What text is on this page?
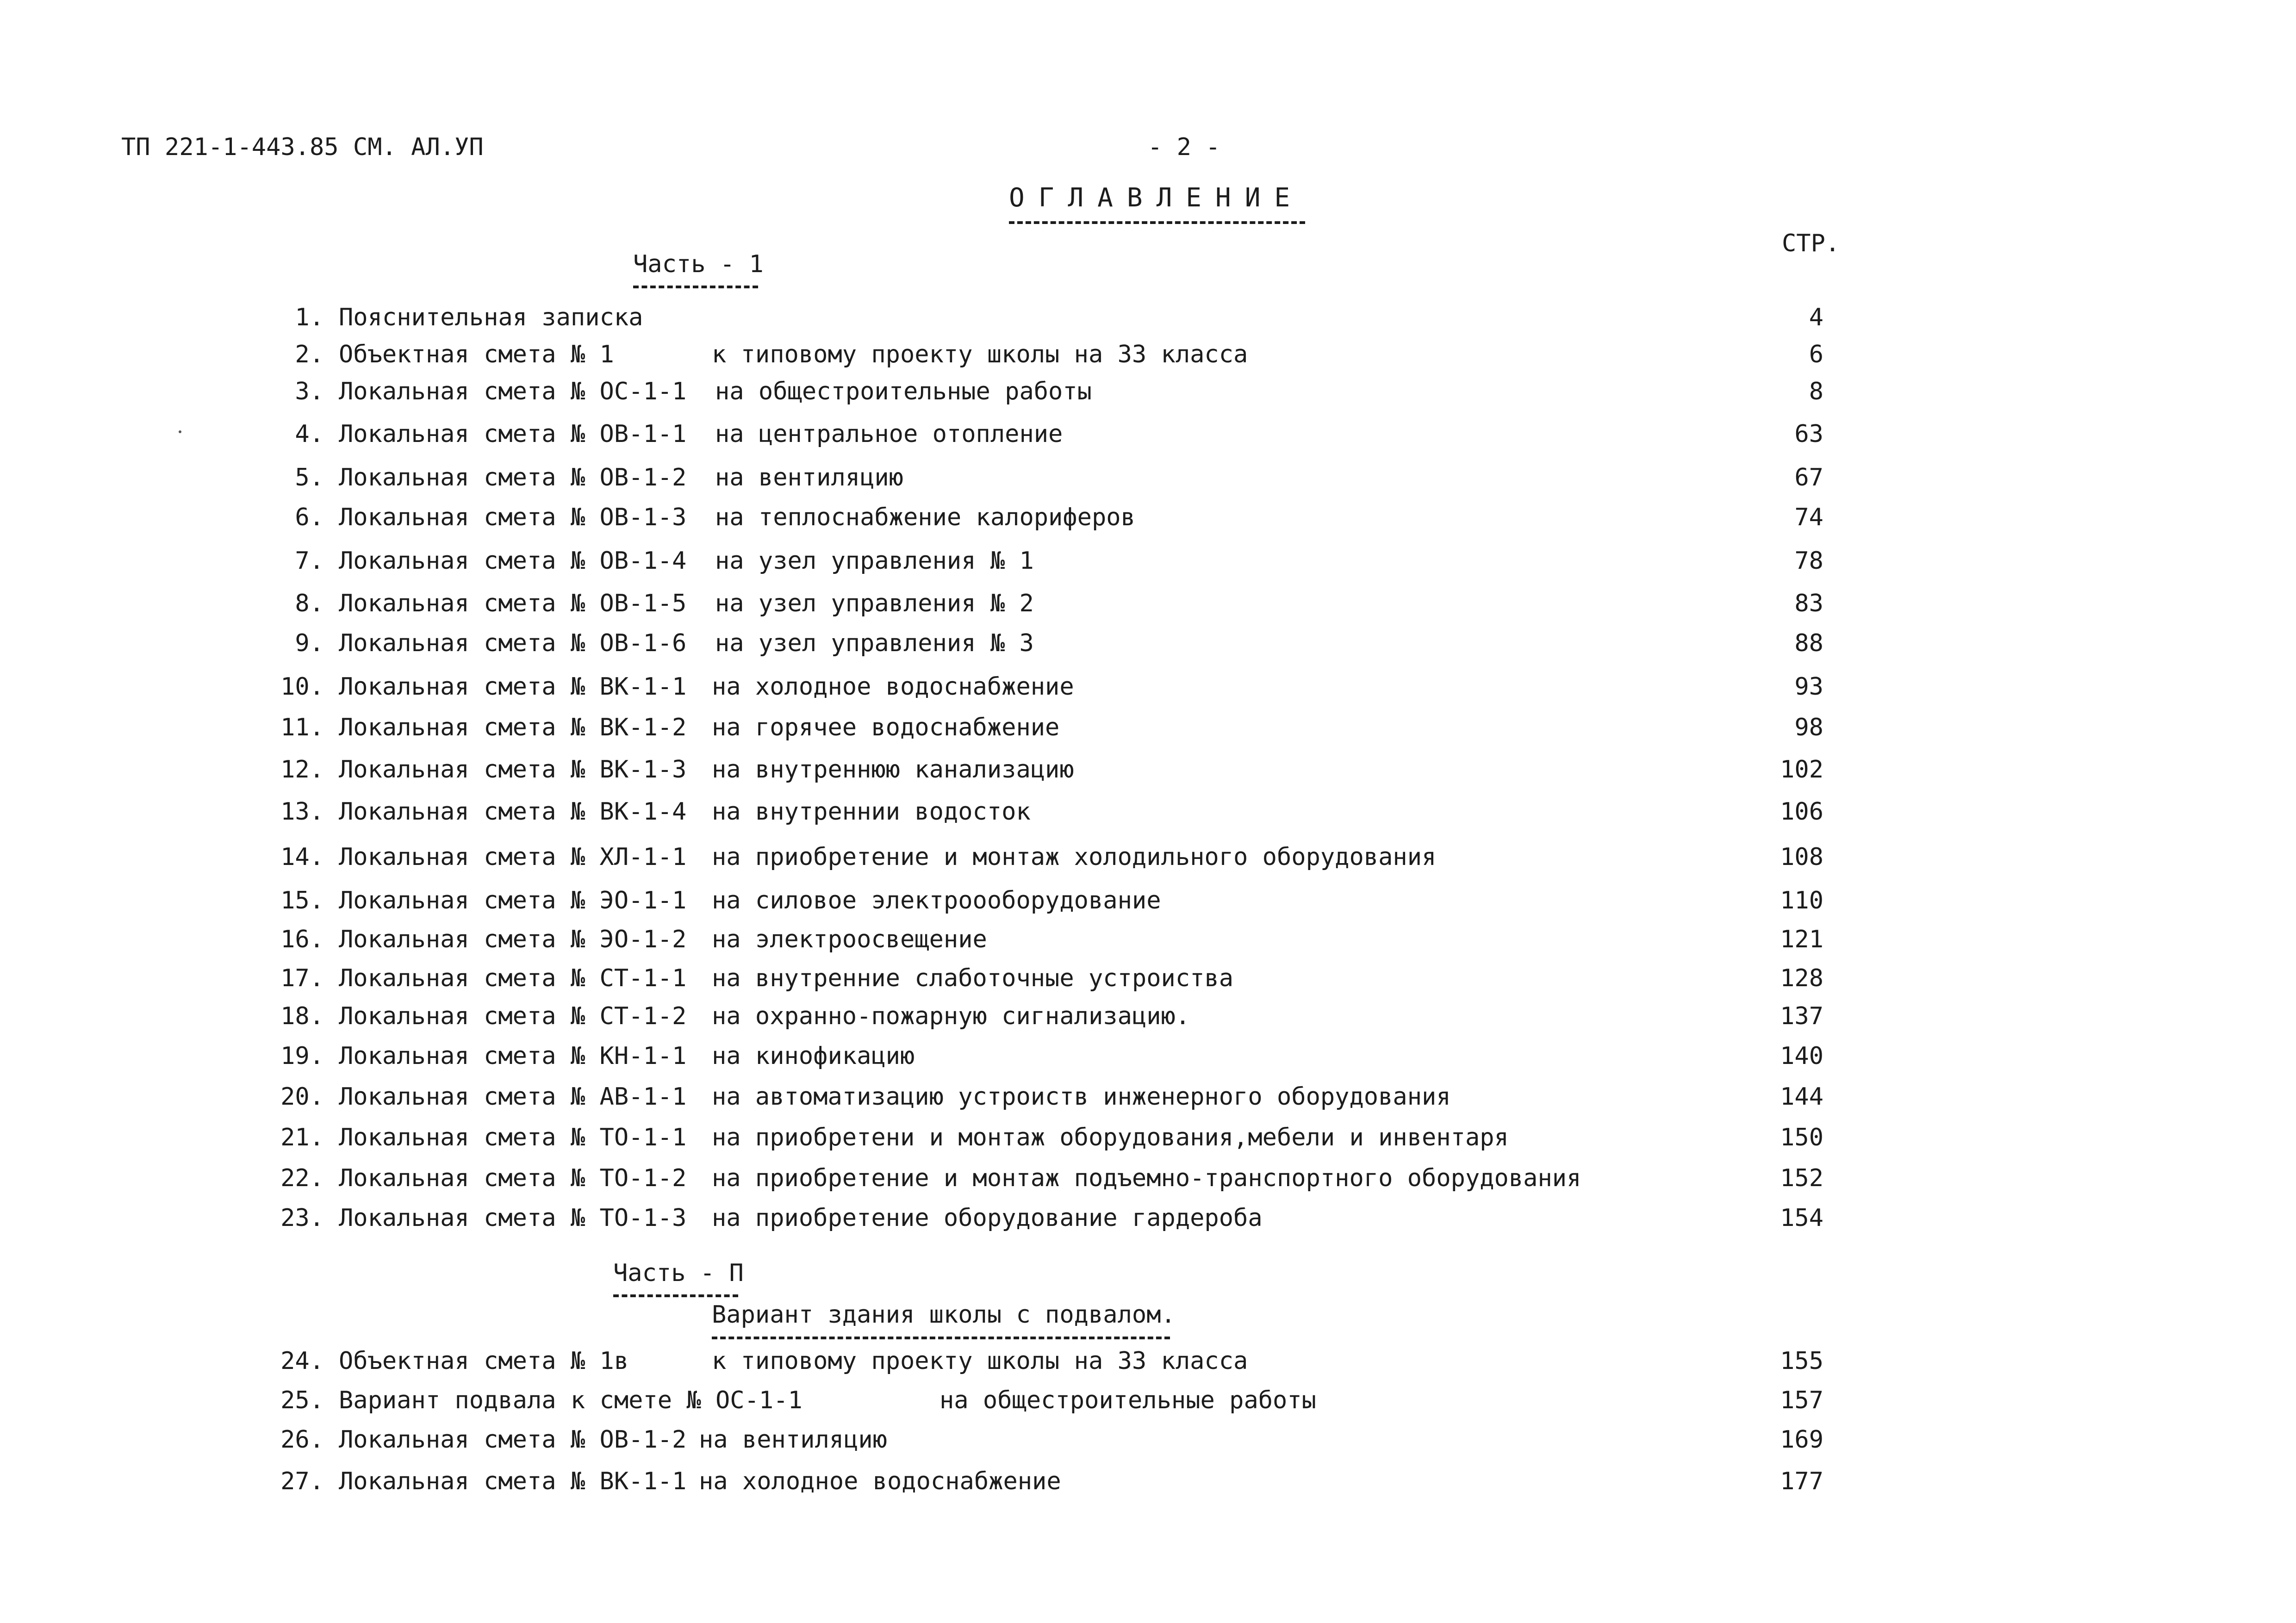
ТП 221-1-443.85 СМ. АЛ.УП	- 2 -
ОГЛАВЛЕНИЕ
СТР.
Часть - 1
1. Пояснительная записка	4
2. Объектная смета № 1	к типовому проекту школы на 33 класса	6
3. Локальная смета № ОС-1-1 на общестроительные работы	8
4. Локальная смета № ОВ-1-1 на центральное отопление	63
5. Локальная смета № ОВ-1-2 на вентиляцию	67
6. Локальная смета № ОВ-1-3 на теплоснабжение калориферов	74
7. Локальная смета № ОВ-1-4 на узел управления № 1	78
8. Локальная смета № ОВ-1-5 на узел управления № 2	83
9. Локальная смета № ОВ-1-6 на узел управления № 3	88
10. Локальная смета № ВК-1-1 на холодное водоснабжение	93
11. Локальная смета № ВК-1-2 на горячее водоснабжение	98
12. Локальная смета № ВК-1-3 на внутреннюю канализацию	102
13. Локальная смета № ВК-1-4 на внутреннии водосток	106
14. Локальная смета № ХЛ-1-1 на приобретение и монтаж холодильного оборудования	108
15. Локальная смета № ЭО-1-1 на силовое электроооборудование	110
16. Локальная смета № ЭО-1-2 на электроосвещение	121
17. Локальная смета № СТ-1-1 на внутренние слаботочные устроиства	128
18. Локальная смета № СТ-1-2 на охранно-пожарную сигнализацию.	137
19. Локальная смета № КН-1-1 на кинофикацию	140
20. Локальная смета № АВ-1-1 на автоматизацию устроиств инженерного оборудования	144
21. Локальная смета № ТО-1-1 на приобретени и монтаж оборудования,мебели и инвентаря	150
22. Локальная смета № ТО-1-2 на приобретение и монтаж подъемно-транспортного оборудования	152
23. Локальная смета № ТО-1-3 на приобретение оборудование гардероба	154
Часть - П
Вариант здания школы с подвалом.
24. Объектная смета № 1в	к типовому проекту школы на 33 класса	155
25. Вариант подвала к смете № ОС-1-1	на общестроительные работы	157
26. Локальная смета № ОВ-1-2 на вентиляцию	169
27. Локальная смета № ВК-1-1 на холодное водоснабжение	177
